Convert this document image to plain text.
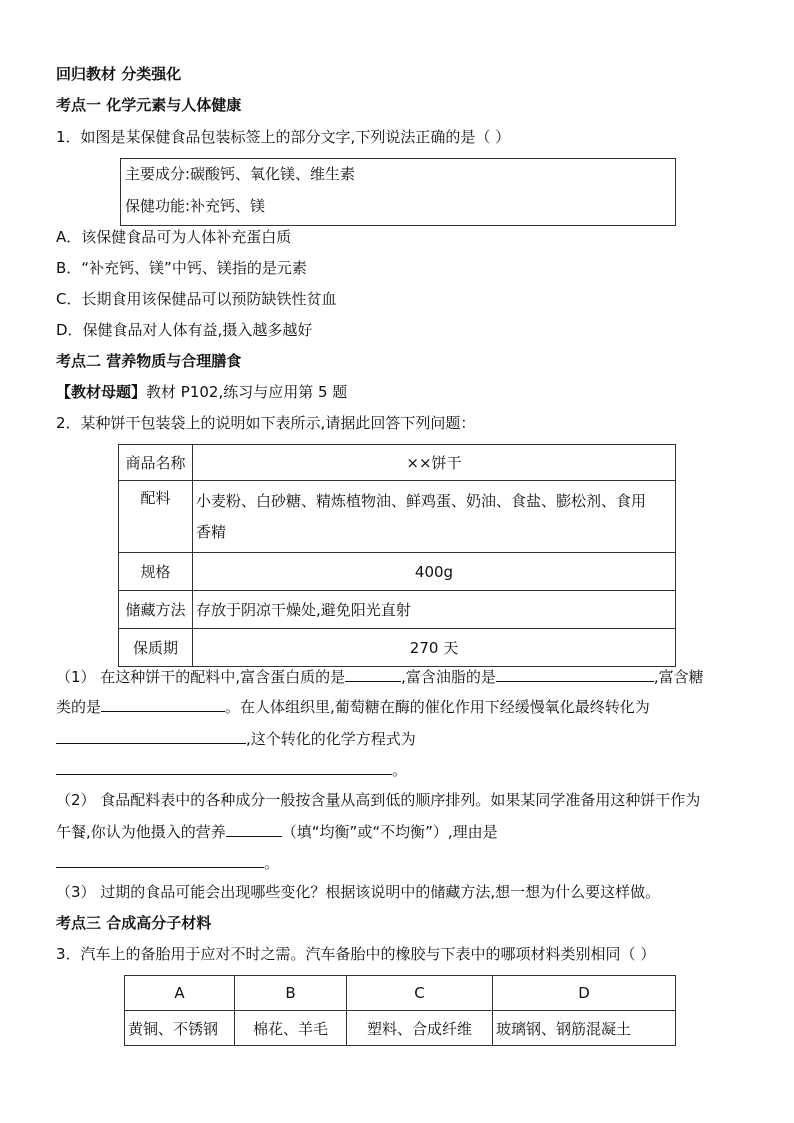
回归教材 分类强化
考点一 化学元素与人体健康
1．如图是某保健食品包装标签上的部分文字,下列说法正确的是（ ）
主要成分:碳酸钙、氧化镁、维生素
保健功能:补充钙、镁
A．该保健食品可为人体补充蛋白质
B．“补充钙、镁”中钙、镁指的是元素
C．长期食用该保健品可以预防缺铁性贫血
D．保健食品对人体有益,摄入越多越好
考点二 营养物质与合理膳食
【教材母题】教材 P102,练习与应用第 5 题
2．某种饼干包装袋上的说明如下表所示,请据此回答下列问题：
商品名称	××饼干
配料	小麦粉、白砂糖、精炼植物油、鲜鸡蛋、奶油、食盐、膨松剂、食用
香精
规格	400g
储藏方法	存放于阴凉干燥处,避免阳光直射
保质期	270 天
（1） 在这种饼干的配料中,富含蛋白质的是	,富含油脂的是	,富含糖
类的是	。在人体组织里,葡萄糖在酶的催化作用下经缓慢氧化最终转化为
,这个转化的化学方程式为
。
（2） 食品配料表中的各种成分一般按含量从高到低的顺序排列。如果某同学准备用这种饼干作为
午餐,你认为他摄入的营养	（填“均衡”或“不均衡”）,理由是
。
（3） 过期的食品可能会出现哪些变化？根据该说明中的储藏方法,想一想为什么要这样做。
考点三 合成高分子材料
3．汽车上的备胎用于应对不时之需。汽车备胎中的橡胶与下表中的哪项材料类别相同（ ）
A	B	C	D
黄铜、不锈钢	棉花、羊毛	塑料、合成纤维	玻璃钢、钢筋混凝土
